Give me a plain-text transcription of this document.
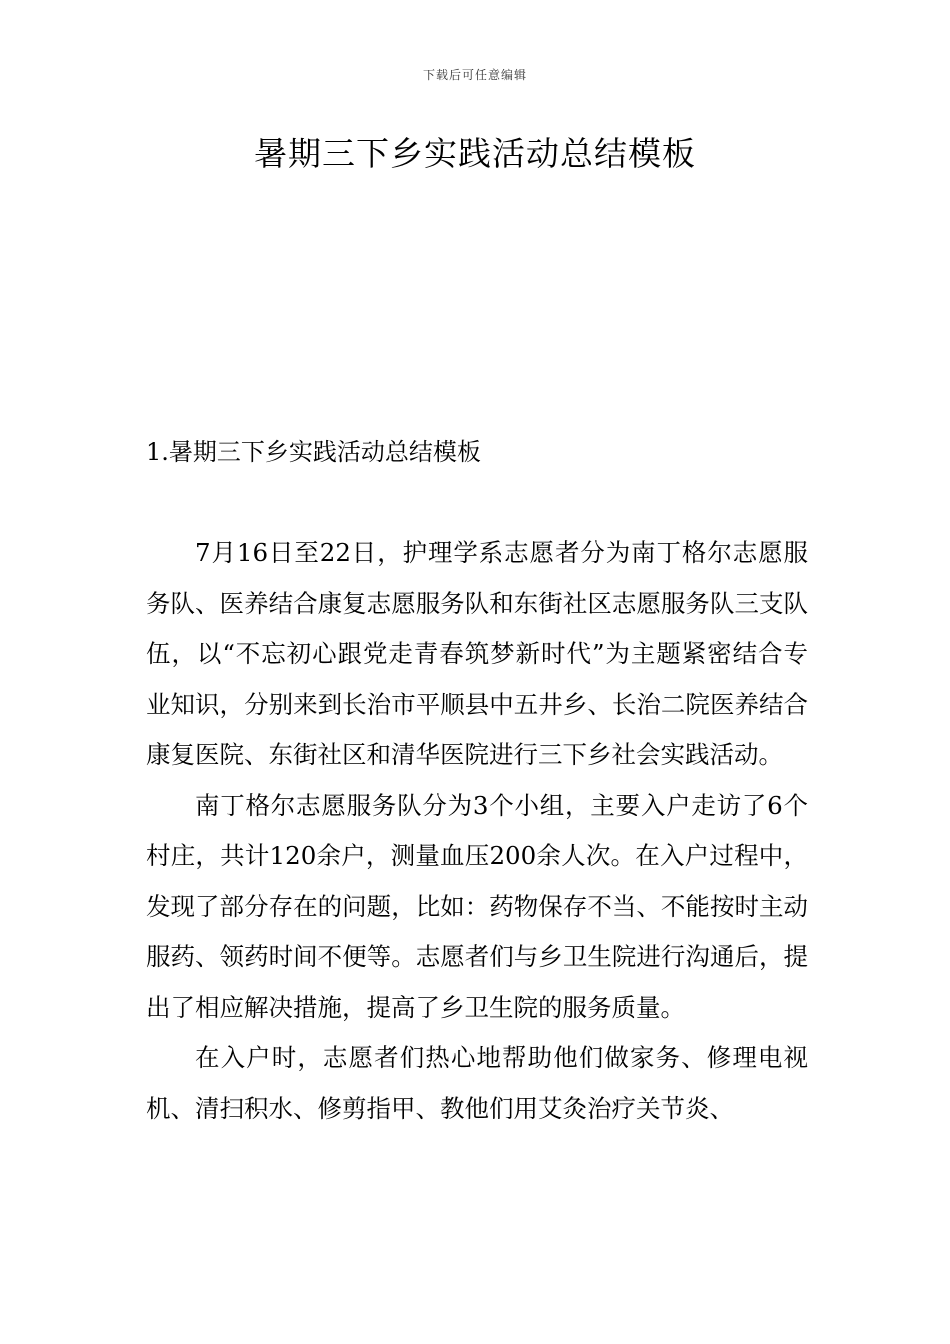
下载后可任意编辑
暑期三下乡实践活动总结模板
1.暑期三下乡实践活动总结模板

7月16日至22日，护理学系志愿者分为南丁格尔志愿服务队、医养结合康复志愿服务队和东街社区志愿服务队三支队伍，以“不忘初心跟党走青春筑梦新时代”为主题紧密结合专业知识，分别来到长治市平顺县中五井乡、长治二院医养结合康复医院、东街社区和清华医院进行三下乡社会实践活动。

南丁格尔志愿服务队分为3个小组，主要入户走访了6个村庄，共计120余户，测量血压200余人次。在入户过程中，发现了部分存在的问题，比如：药物保存不当、不能按时主动服药、领药时间不便等。志愿者们与乡卫生院进行沟通后，提出了相应解决措施，提高了乡卫生院的服务质量。

在入户时，志愿者们热心地帮助他们做家务、修理电视机、清扫积水、修剪指甲、教他们用艾灸治疗关节炎、
